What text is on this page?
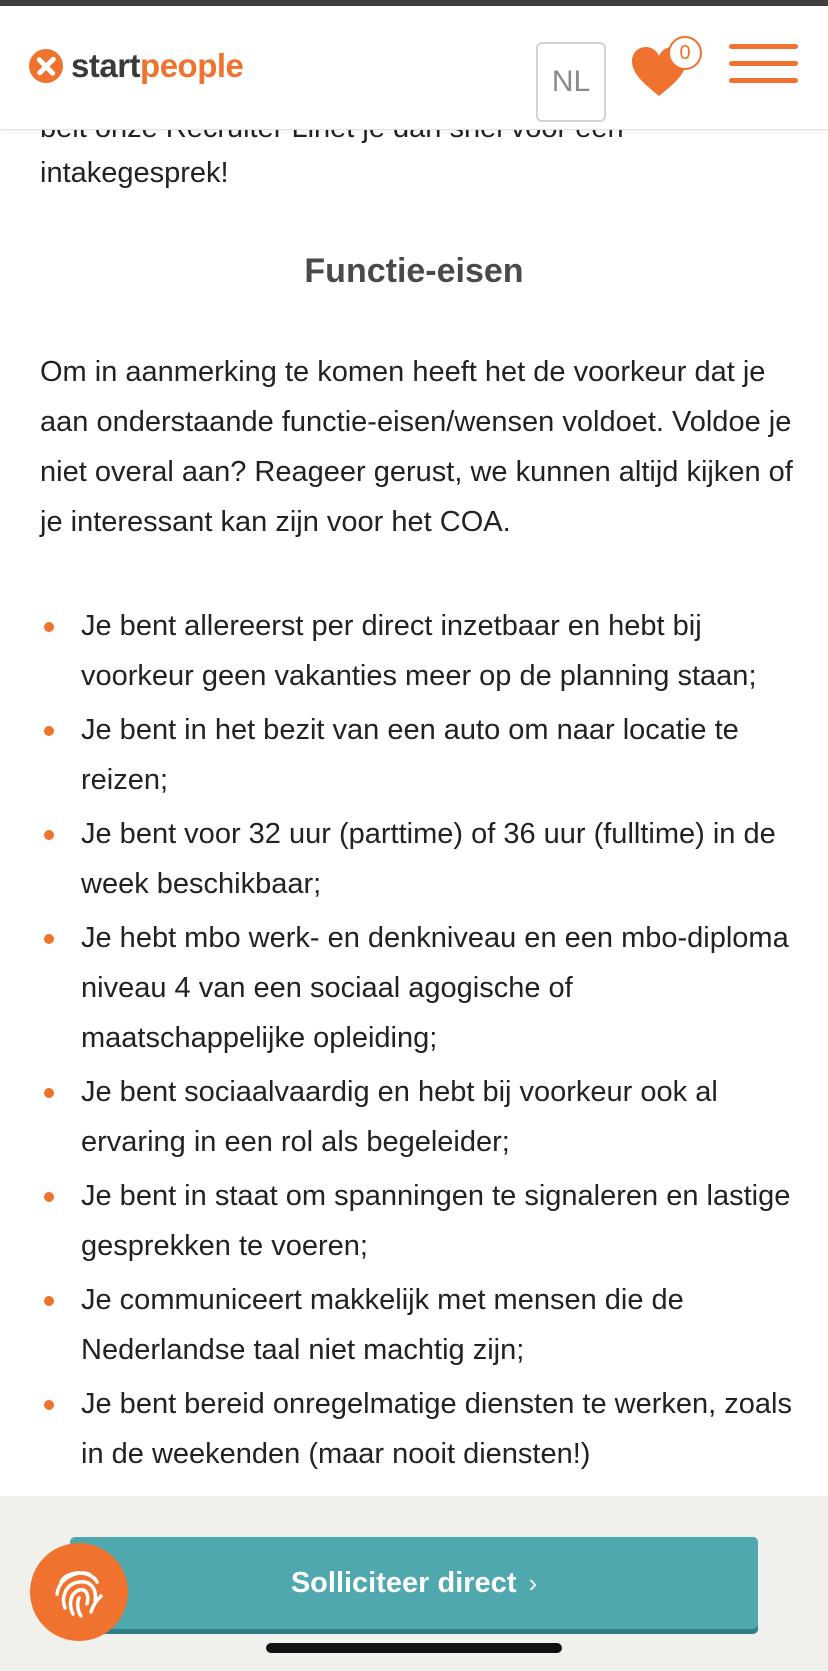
intakegesprek!
Functie-eisen

Om in aanmerking te komen heeft het de voorkeur dat je aan onderstaande functie-eisen/wensen voldoet. Voldoe je niet overal aan? Reageer gerust, we kunnen altijd kijken of je interessant kan zijn voor het COA.

Je bent allereerst per direct inzetbaar en hebt bij voorkeur geen vakanties meer op de planning staan;
Je bent in het bezit van een auto om naar locatie te reizen;
Je bent voor 32 uur (parttime) of 36 uur (fulltime) in de week beschikbaar;
Je hebt mbo werk- en denkniveau en een mbo-diploma niveau 4 van een sociaal agogische of maatschappelijke opleiding;
Je bent sociaalvaardig en hebt bij voorkeur ook al ervaring in een rol als begeleider;
Je bent in staat om spanningen te signaleren en lastige gesprekken te voeren;
Je communiceert makkelijk met mensen die de Nederlandse taal niet machtig zijn;
Je bent bereid onregelmatige diensten te werken, zoals in de weekenden (maar nooit diensten!)
start people	NL
0
Solliciteer direct ›
